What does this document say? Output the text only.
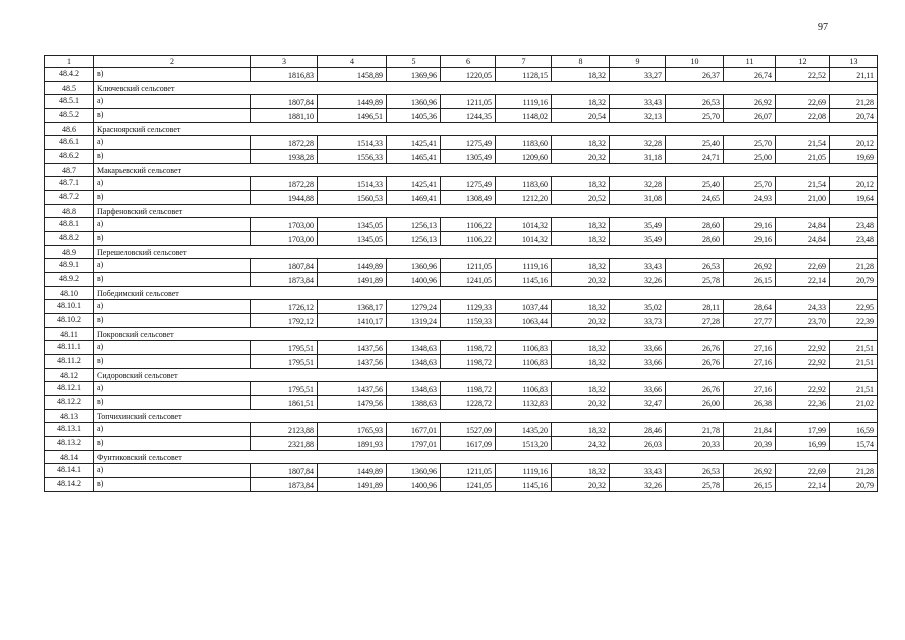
97
1	2	3	4	5	6	7	8	9	10	11	12	13
48.4.2	в)	1816,83	1458,89	1369,96	1220,05	1128,15	18,32	33,27	26,37	26,74	22,52	21,11
48.5	Ключевский сельсовет											
48.5.1	а)	1807,84	1449,89	1360,96	1211,05	1119,16	18,32	33,43	26,53	26,92	22,69	21,28
48.5.2	в)	1881,10	1496,51	1405,36	1244,35	1148,02	20,54	32,13	25,70	26,07	22,08	20,74
48.6	Красноярский сельсовет											
48.6.1	а)	1872,28	1514,33	1425,41	1275,49	1183,60	18,32	32,28	25,40	25,70	21,54	20,12
48.6.2	в)	1938,28	1556,33	1465,41	1305,49	1209,60	20,32	31,18	24,71	25,00	21,05	19,69
48.7	Макарьевский сельсовет											
48.7.1	а)	1872,28	1514,33	1425,41	1275,49	1183,60	18,32	32,28	25,40	25,70	21,54	20,12
48.7.2	в)	1944,88	1560,53	1469,41	1308,49	1212,20	20,52	31,08	24,65	24,93	21,00	19,64
48.8	Парфеновский сельсовет											
48.8.1	а)	1703,00	1345,05	1256,13	1106,22	1014,32	18,32	35,49	28,60	29,16	24,84	23,48
48.8.2	в)	1703,00	1345,05	1256,13	1106,22	1014,32	18,32	35,49	28,60	29,16	24,84	23,48
48.9	Перешеловский сельсовет											
48.9.1	а)	1807,84	1449,89	1360,96	1211,05	1119,16	18,32	33,43	26,53	26,92	22,69	21,28
48.9.2	в)	1873,84	1491,89	1400,96	1241,05	1145,16	20,32	32,26	25,78	26,15	22,14	20,79
48.10	Победимский сельсовет											
48.10.1	а)	1726,12	1368,17	1279,24	1129,33	1037,44	18,32	35,02	28,11	28,64	24,33	22,95
48.10.2	в)	1792,12	1410,17	1319,24	1159,33	1063,44	20,32	33,73	27,28	27,77	23,70	22,39
48.11	Покровский сельсовет											
48.11.1	а)	1795,51	1437,56	1348,63	1198,72	1106,83	18,32	33,66	26,76	27,16	22,92	21,51
48.11.2	в)	1795,51	1437,56	1348,63	1198,72	1106,83	18,32	33,66	26,76	27,16	22,92	21,51
48.12	Сидоровский сельсовет											
48.12.1	а)	1795,51	1437,56	1348,63	1198,72	1106,83	18,32	33,66	26,76	27,16	22,92	21,51
48.12.2	в)	1861,51	1479,56	1388,63	1228,72	1132,83	20,32	32,47	26,00	26,38	22,36	21,02
48.13	Топчихинский сельсовет											
48.13.1	а)	2123,88	1765,93	1677,01	1527,09	1435,20	18,32	28,46	21,78	21,84	17,99	16,59
48.13.2	в)	2321,88	1891,93	1797,01	1617,09	1513,20	24,32	26,03	20,33	20,39	16,99	15,74
48.14	Фунтиковский сельсовет											
48.14.1	а)	1807,84	1449,89	1360,96	1211,05	1119,16	18,32	33,43	26,53	26,92	22,69	21,28
48.14.2	в)	1873,84	1491,89	1400,96	1241,05	1145,16	20,32	32,26	25,78	26,15	22,14	20,79
